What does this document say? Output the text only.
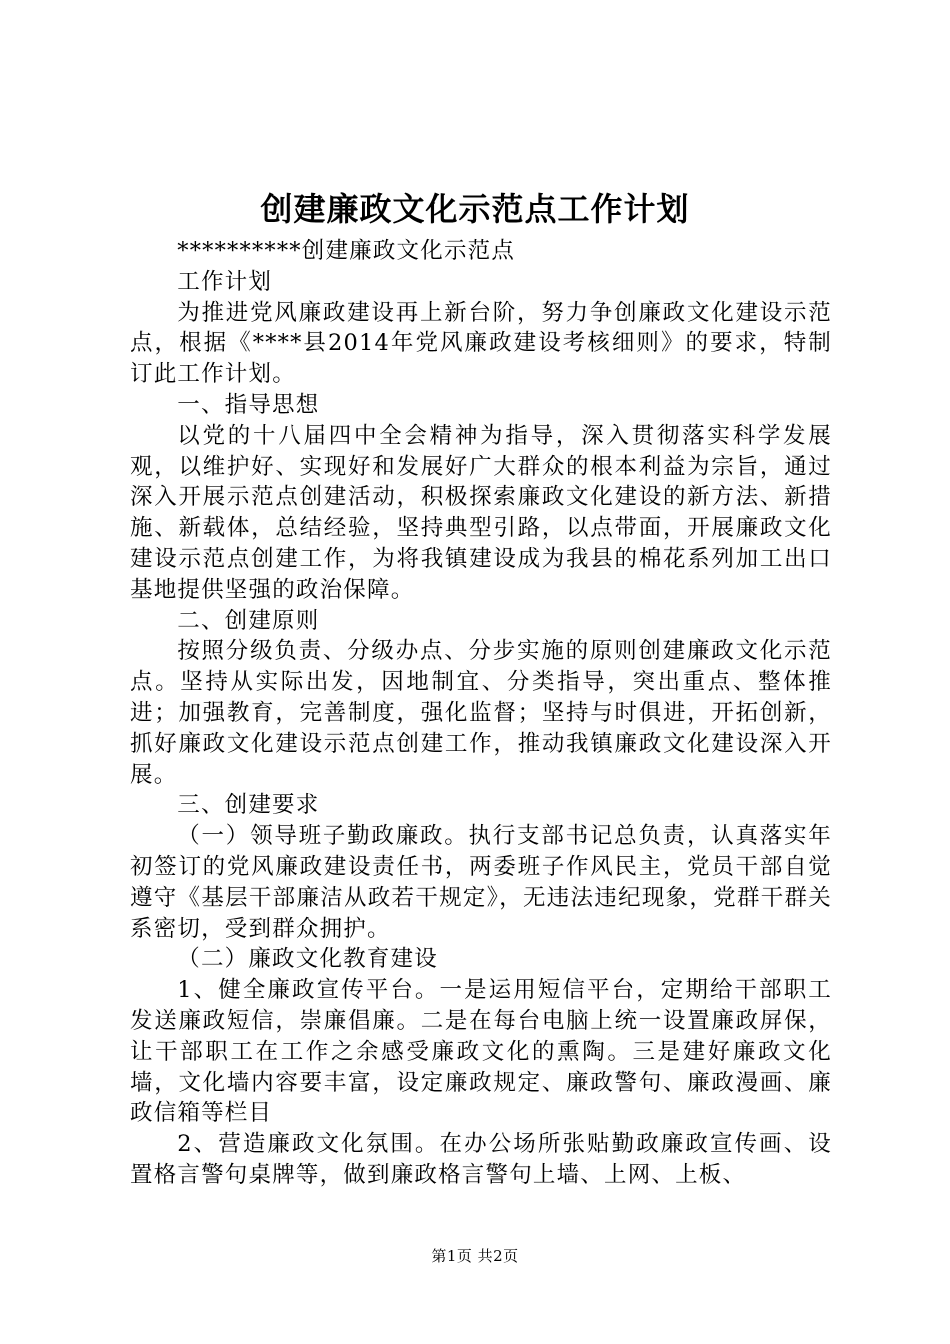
创建廉政文化示范点工作计划

**********创建廉政文化示范点

工作计划

为推进党风廉政建设再上新台阶，努力争创廉政文化建设示范点，根据《****县2014年党风廉政建设考核细则》的要求，特制订此工作计划。

一、指导思想

以党的十八届四中全会精神为指导，深入贯彻落实科学发展观，以维护好、实现好和发展好广大群众的根本利益为宗旨，通过深入开展示范点创建活动，积极探索廉政文化建设的新方法、新措施、新载体，总结经验，坚持典型引路，以点带面，开展廉政文化建设示范点创建工作，为将我镇建设成为我县的棉花系列加工出口基地提供坚强的政治保障。

二、创建原则

按照分级负责、分级办点、分步实施的原则创建廉政文化示范点。坚持从实际出发，因地制宜、分类指导，突出重点、整体推进；加强教育，完善制度，强化监督；坚持与时俱进，开拓创新，抓好廉政文化建设示范点创建工作，推动我镇廉政文化建设深入开展。

三、创建要求

（一）领导班子勤政廉政。执行支部书记总负责，认真落实年初签订的党风廉政建设责任书，两委班子作风民主，党员干部自觉遵守《基层干部廉洁从政若干规定》，无违法违纪现象，党群干群关系密切，受到群众拥护。

（二）廉政文化教育建设

1、健全廉政宣传平台。一是运用短信平台，定期给干部职工发送廉政短信，崇廉倡廉。二是在每台电脑上统一设置廉政屏保，让干部职工在工作之余感受廉政文化的熏陶。三是建好廉政文化墙，文化墙内容要丰富，设定廉政规定、廉政警句、廉政漫画、廉政信箱等栏目

2、营造廉政文化氛围。在办公场所张贴勤政廉政宣传画、设置格言警句桌牌等，做到廉政格言警句上墙、上网、上板、

第1页 共2页
